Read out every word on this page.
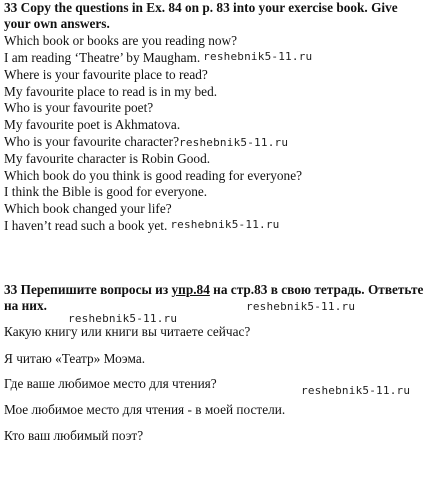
33 Copy the questions in Ex. 84 on p. 83 into your exercise book. Give your own answers.

Which book or books are you reading now?
I am reading ‘Theatre’ by Maugham. reshebnik5-11.ru
Where is your favourite place to read?
My favourite place to read is in my bed.
Who is your favourite poet?
My favourite poet is Akhmatova.
Who is your favourite character?reshebnik5-11.ru
My favourite character is Robin Good.
Which book do you think is good reading for everyone?
I think the Bible is good for everyone.
Which book changed your life?
I haven’t read such a book yet. reshebnik5-11.ru

33 Перепишите вопросы из упр.84 на стр.83 в свою тетрадь. Ответьте на них.	reshebnik5-11.ru
reshebnik5-11.ru
Какую книгу или книги вы читаете сейчас?
Я читаю «Театр» Моэма.
Где ваше любимое место для чтения?	reshebnik5-11.ru
Мое любимое место для чтения - в моей постели.
Кто ваш любимый поэт?
